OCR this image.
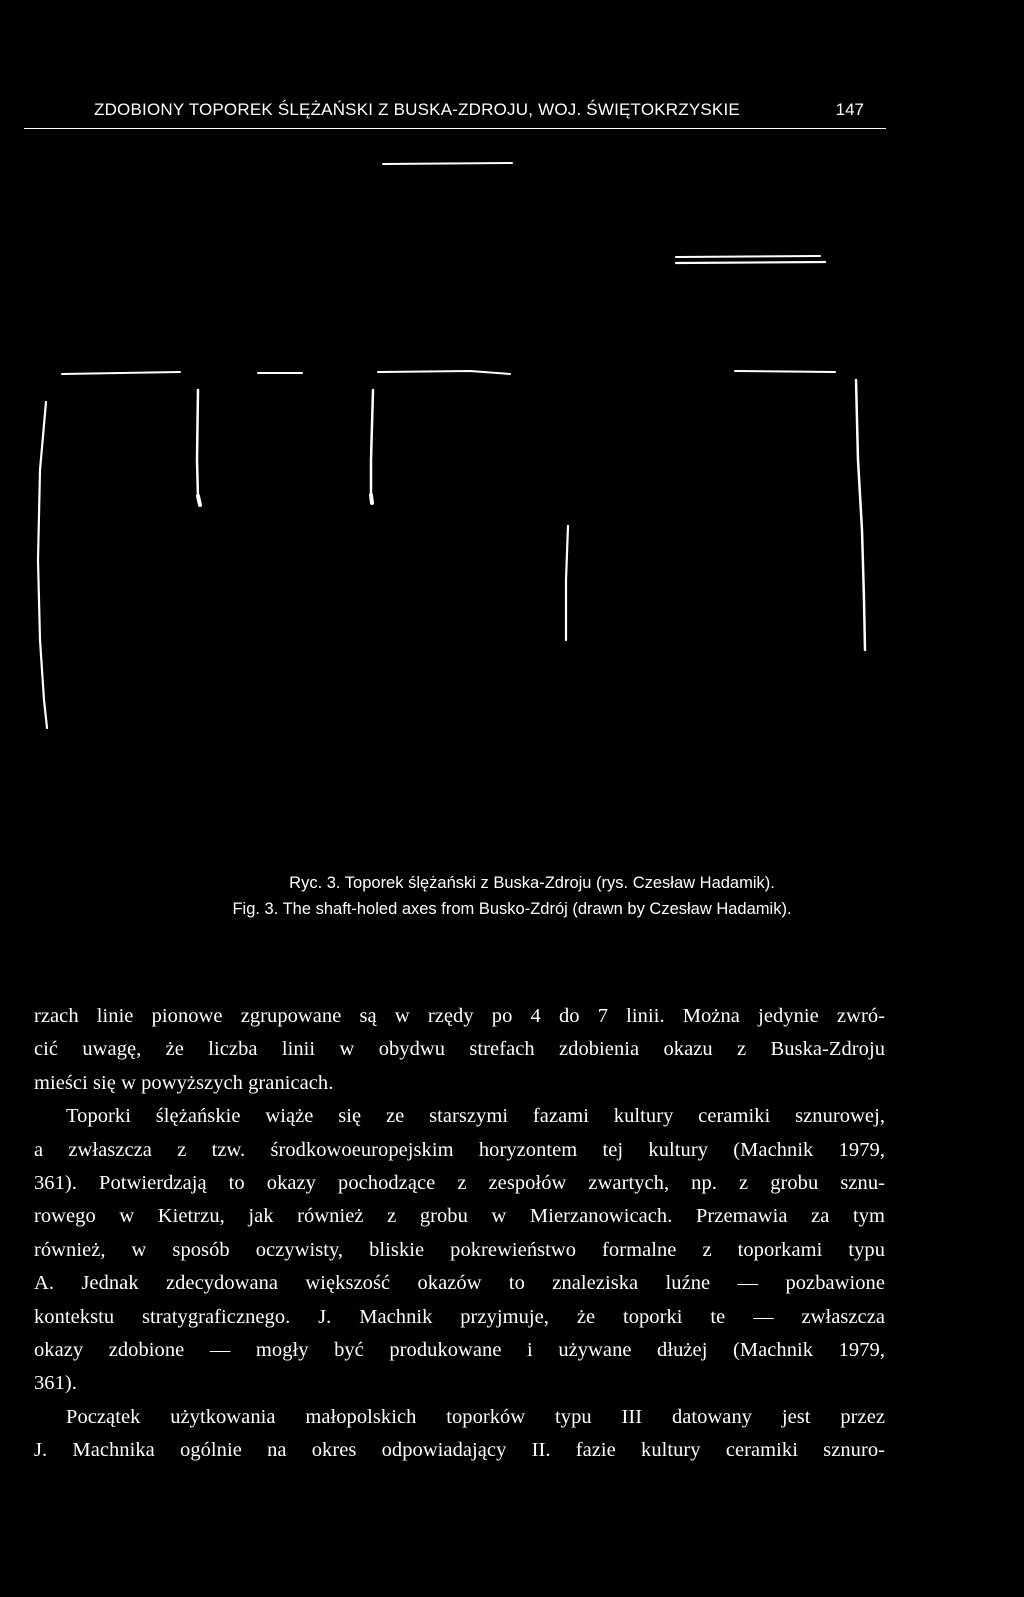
ZDOBIONY TOPOREK ŚLĘŻAŃSKI Z BUSKA-ZDROJU, WOJ. ŚWIĘTOKRZYSKIE	147
Ryc. 3. Toporek ślężański z Buska-Zdroju (rys. Czesław Hadamik).
Fig. 3. The shaft-holed axes from Busko-Zdrój (drawn by Czesław Hadamik).
rzach linie pionowe zgrupowane są w rzędy po 4 do 7 linii. Można jedynie zwró-
cić uwagę, że liczba linii w obydwu strefach zdobienia okazu z Buska-Zdroju
mieści się w powyższych granicach.
Toporki ślężańskie wiąże się ze starszymi fazami kultury ceramiki sznurowej,
a zwłaszcza z tzw. środkowoeuropejskim horyzontem tej kultury (Machnik 1979,
361). Potwierdzają to okazy pochodzące z zespołów zwartych, np. z grobu sznu-
rowego w Kietrzu, jak również z grobu w Mierzanowicach. Przemawia za tym
również, w sposób oczywisty, bliskie pokrewieństwo formalne z toporkami typu
A. Jednak zdecydowana większość okazów to znaleziska luźne — pozbawione
kontekstu stratygraficznego. J. Machnik przyjmuje, że toporki te — zwłaszcza
okazy zdobione — mogły być produkowane i używane dłużej (Machnik 1979,
361).
Początek użytkowania małopolskich toporków typu III datowany jest przez
J. Machnika ogólnie na okres odpowiadający II. fazie kultury ceramiki sznuro-
